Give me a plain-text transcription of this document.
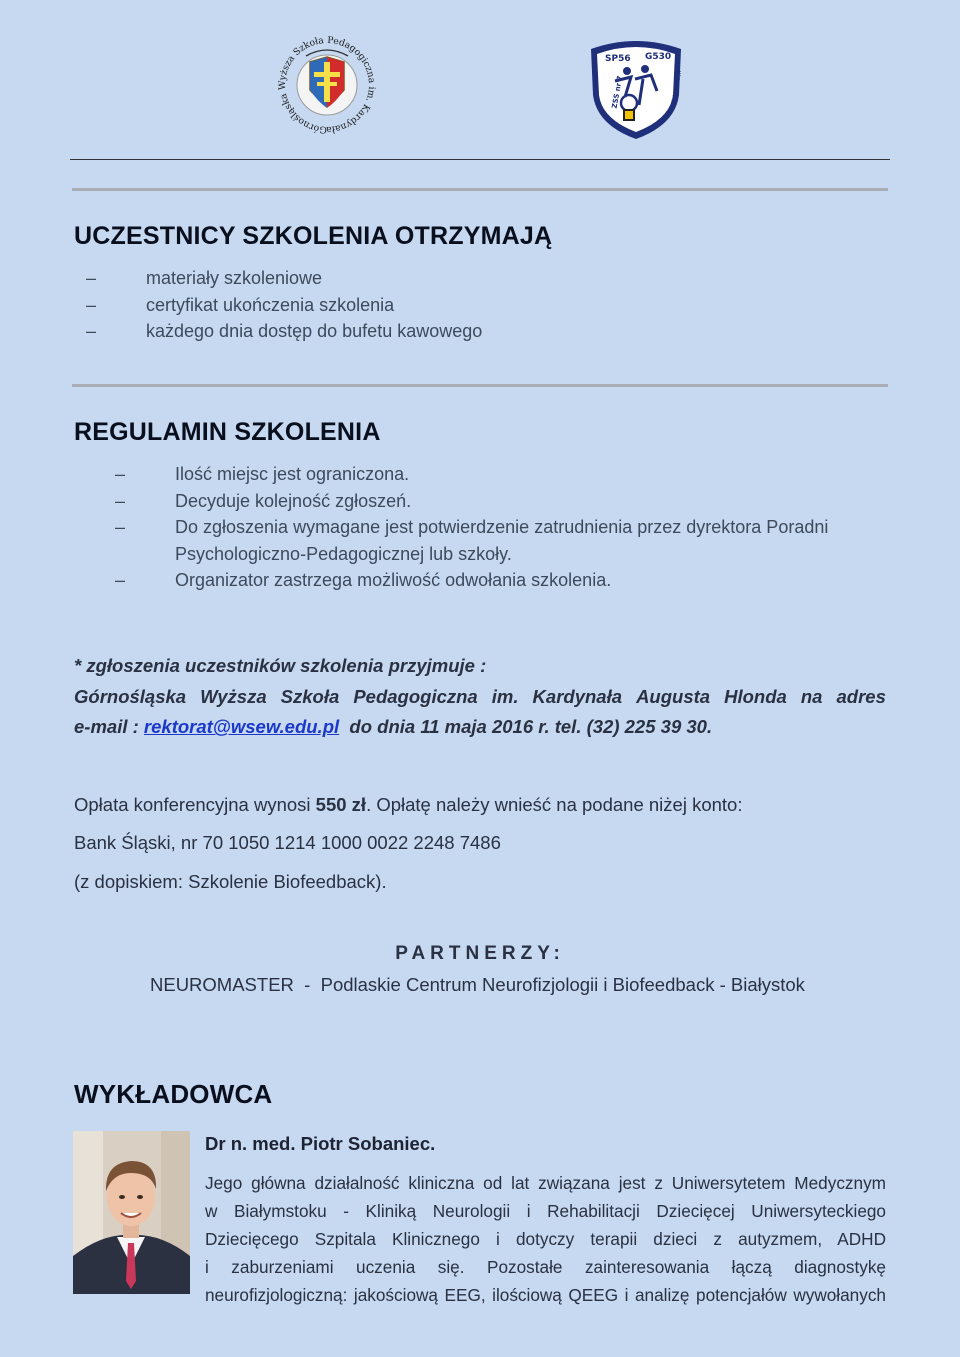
Górnośląska Wyższa Szkoła Pedagogiczna im. Kardynała
SP56 G530
ZSS nr 7	w Katowicach
UCZESTNICY SZKOLENIA OTRZYMAJĄ
–	materiały szkoleniowe
–	certyfikat ukończenia szkolenia
–	każdego dnia dostęp do bufetu kawowego
REGULAMIN SZKOLENIA
–	Ilość miejsc jest ograniczona.
–	Decyduje kolejność zgłoszeń.
–	Do zgłoszenia wymagane jest potwierdzenie zatrudnienia przez dyrektora Poradni
Psychologiczno-Pedagogicznej lub szkoły.
–	Organizator zastrzega możliwość odwołania szkolenia.
* zgłoszenia uczestników szkolenia przyjmuje :
Górnośląska Wyższa Szkoła Pedagogiczna im. Kardynała Augusta Hlonda na adres
e-mail : rektorat@wsew.edu.pl  do dnia 11 maja 2016 r. tel. (32) 225 39 30.
Opłata konferencyjna wynosi 550 zł. Opłatę należy wnieść na podane niżej konto:
Bank Śląski, nr 70 1050 1214 1000 0022 2248 7486
(z dopiskiem: Szkolenie Biofeedback).
PARTNERZY:
NEUROMASTER  -  Podlaskie Centrum Neurofizjologii i Biofeedback - Białystok
WYKŁADOWCA
Dr n. med. Piotr Sobaniec.
Jego główna działalność kliniczna od lat związana jest z Uniwersytetem Medycznym
w Białymstoku - Kliniką Neurologii i Rehabilitacji Dziecięcej Uniwersyteckiego
Dziecięcego Szpitala Klinicznego i dotyczy terapii dzieci z autyzmem, ADHD
i zaburzeniami uczenia się. Pozostałe zainteresowania łączą diagnostykę
neurofizjologiczną: jakościową EEG, ilościową QEEG i analizę potencjałów wywołanych
